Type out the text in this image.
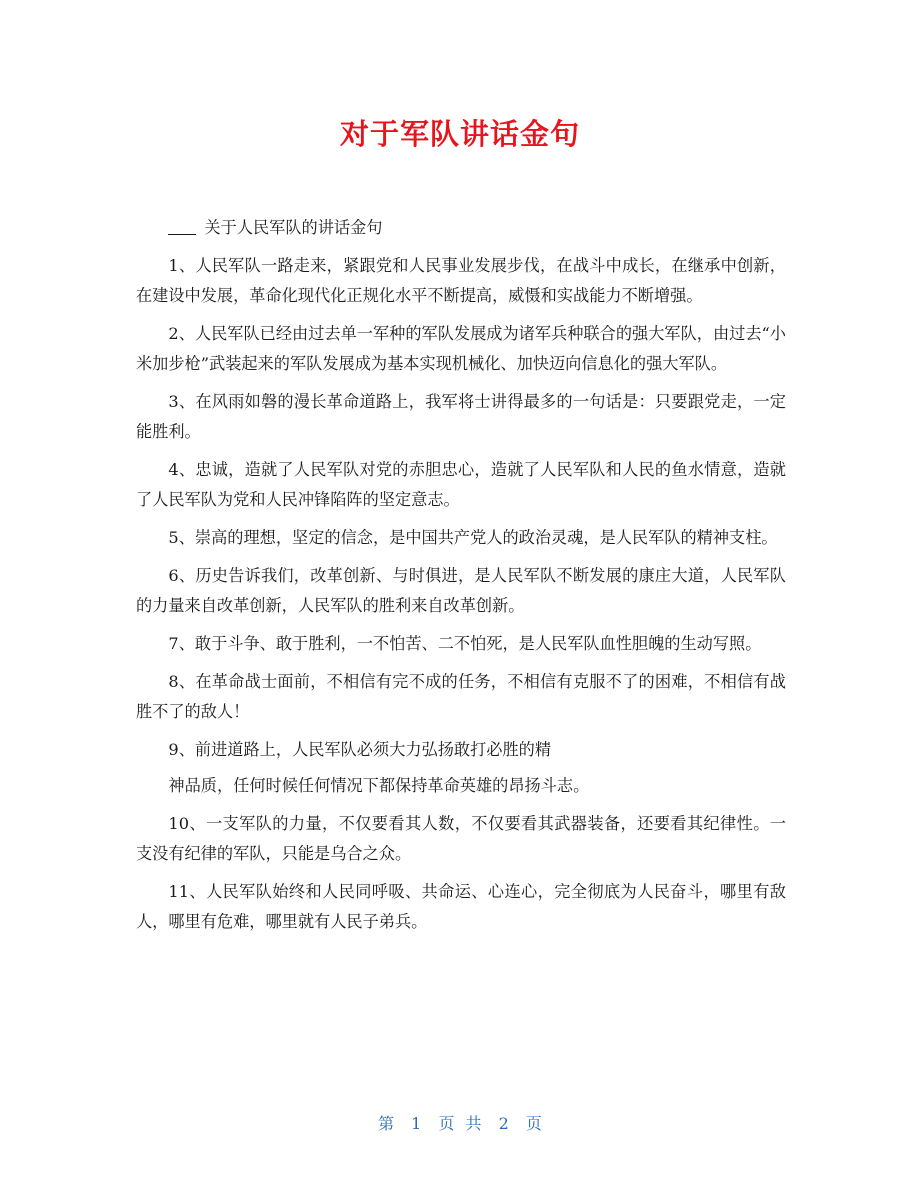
对于军队讲话金句

关于人民军队的讲话金句

1、人民军队一路走来，紧跟党和人民事业发展步伐，在战斗中成长，在继承中创新，在建设中发展，革命化现代化正规化水平不断提高，威慑和实战能力不断增强。

2、人民军队已经由过去单一军种的军队发展成为诸军兵种联合的强大军队，由过去“小米加步枪”武装起来的军队发展成为基本实现机械化、加快迈向信息化的强大军队。

3、在风雨如磐的漫长革命道路上，我军将士讲得最多的一句话是：只要跟党走，一定能胜利。

4、忠诚，造就了人民军队对党的赤胆忠心，造就了人民军队和人民的鱼水情意，造就了人民军队为党和人民冲锋陷阵的坚定意志。

5、崇高的理想，坚定的信念，是中国共产党人的政治灵魂，是人民军队的精神支柱。

6、历史告诉我们，改革创新、与时俱进，是人民军队不断发展的康庄大道，人民军队的力量来自改革创新，人民军队的胜利来自改革创新。

7、敢于斗争、敢于胜利，一不怕苦、二不怕死，是人民军队血性胆魄的生动写照。

8、在革命战士面前，不相信有完不成的任务，不相信有克服不了的困难，不相信有战胜不了的敌人！

9、前进道路上，人民军队必须大力弘扬敢打必胜的精

神品质，任何时候任何情况下都保持革命英雄的昂扬斗志。

10、一支军队的力量，不仅要看其人数，不仅要看其武器装备，还要看其纪律性。一支没有纪律的军队，只能是乌合之众。

11、人民军队始终和人民同呼吸、共命运、心连心，完全彻底为人民奋斗，哪里有敌人，哪里有危难，哪里就有人民子弟兵。

第 1 页 共 2 页
